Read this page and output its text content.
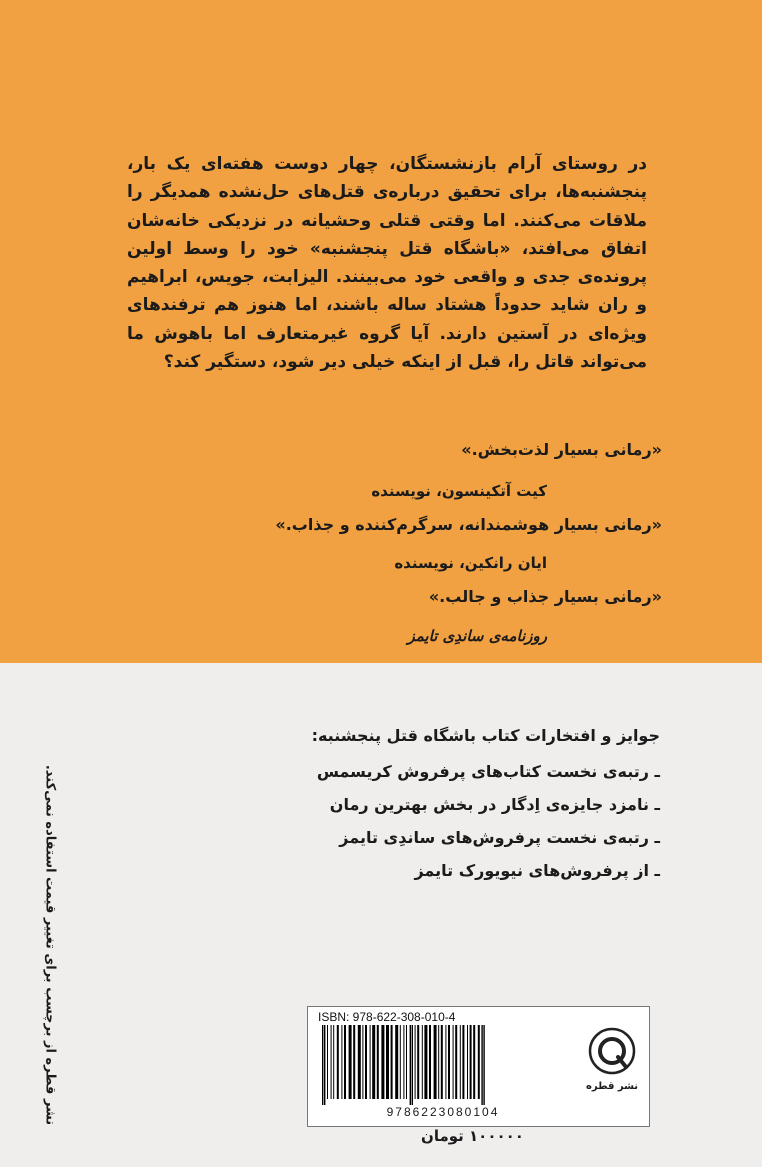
در روستای آرام بازنشستگان، چهار دوست هفته‌ای یک بار، پنجشنبه‌ها، برای تحقیق درباره‌ی قتل‌های حل‌نشده همدیگر را ملاقات می‌کنند. اما وقتی قتلی وحشیانه در نزدیکی خانه‌شان اتفاق می‌افتد، «باشگاه قتل پنجشنبه» خود را وسط اولین پرونده‌ی جدی و واقعی خود می‌بینند. الیزابت، جویس، ابراهیم و ران شاید حدوداً هشتاد ساله باشند، اما هنوز هم ترفندهای ویژه‌ای در آستین دارند. آیا گروه غیرمتعارف اما باهوش ما می‌تواند قاتل را، قبل از اینکه خیلی دیر شود، دستگیر کند؟

«رمانی بسیار لذت‌بخش.»

کیت آتکینسون، نویسنده

«رمانی بسیار هوشمندانه، سرگرم‌کننده و جذاب.»

ایان رانکین، نویسنده

«رمانی بسیار جذاب و جالب.»

روزنامه‌ی ساندِی تایمز

جوایز و افتخارات کتاب باشگاه قتل پنجشنبه:

ـ رتبه‌ی نخست کتاب‌های پرفروش کریسمس
ـ نامزد جایزه‌ی اِدگار در بخش بهترین رمان
ـ رتبه‌ی نخست پرفروش‌های ساندِی تایمز
ـ از پرفروش‌های نیویورک تایمز
نشر قطره از برچسب برای تغییر قیمت استفاده نمی‌کند.	ISBN: 978-622-308-010-4
9786223080104
نشر قطره
۱۰۰۰۰۰ تومان
